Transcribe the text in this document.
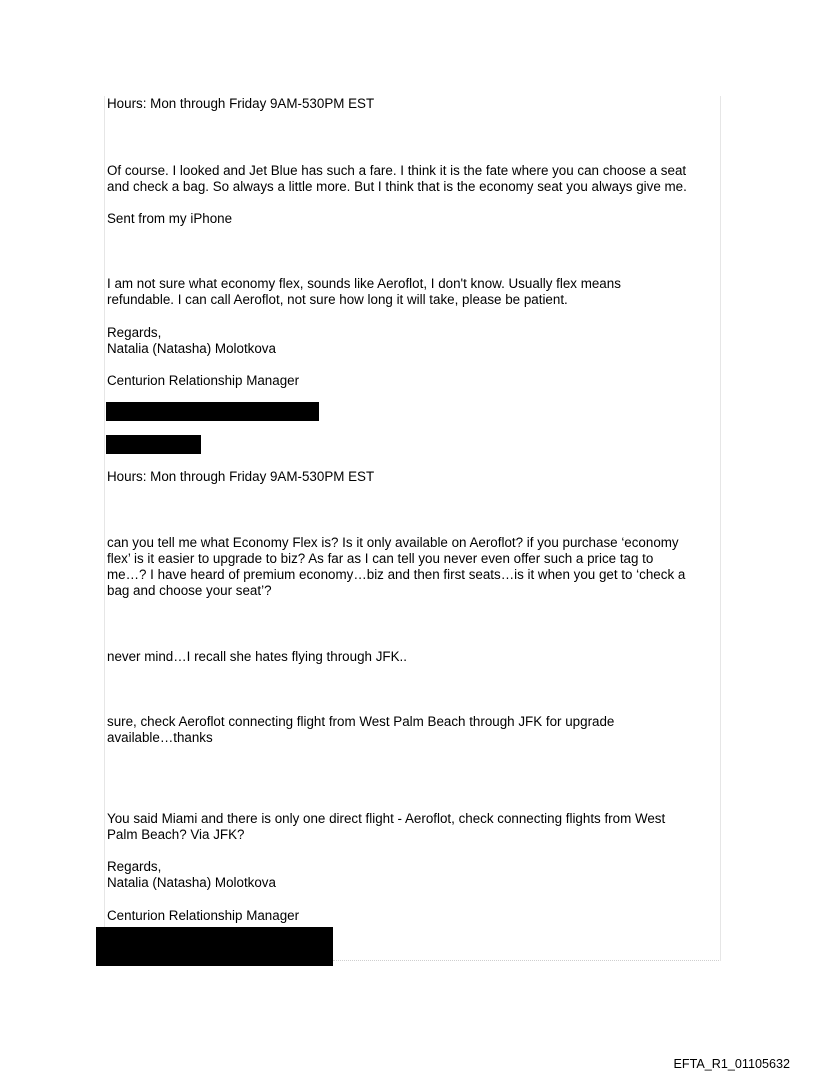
Hours: Mon through Friday 9AM-530PM EST
Of course. I looked and Jet Blue has such a fare. I think it is the fate where you can choose a seat
and check a bag. So always a little more. But I think that is the economy seat you always give me.
Sent from my iPhone
I am not sure what economy flex, sounds like Aeroflot, I don't know. Usually flex means
refundable. I can call Aeroflot, not sure how long it will take, please be patient.
Regards,
Natalia (Natasha) Molotkova
Centurion Relationship Manager
Hours: Mon through Friday 9AM-530PM EST
can you tell me what Economy Flex is? Is it only available on Aeroflot? if you purchase ‘economy
flex’ is it easier to upgrade to biz? As far as I can tell you never even offer such a price tag to
me…? I have heard of premium economy…biz and then first seats…is it when you get to ‘check a
bag and choose your seat’?
never mind…I recall she hates flying through JFK..
sure, check Aeroflot connecting flight from West Palm Beach through JFK for upgrade
available…thanks
You said Miami and there is only one direct flight - Aeroflot, check connecting flights from West
Palm Beach? Via JFK?
Regards,
Natalia (Natasha) Molotkova
Centurion Relationship Manager
EFTA_R1_01105632
